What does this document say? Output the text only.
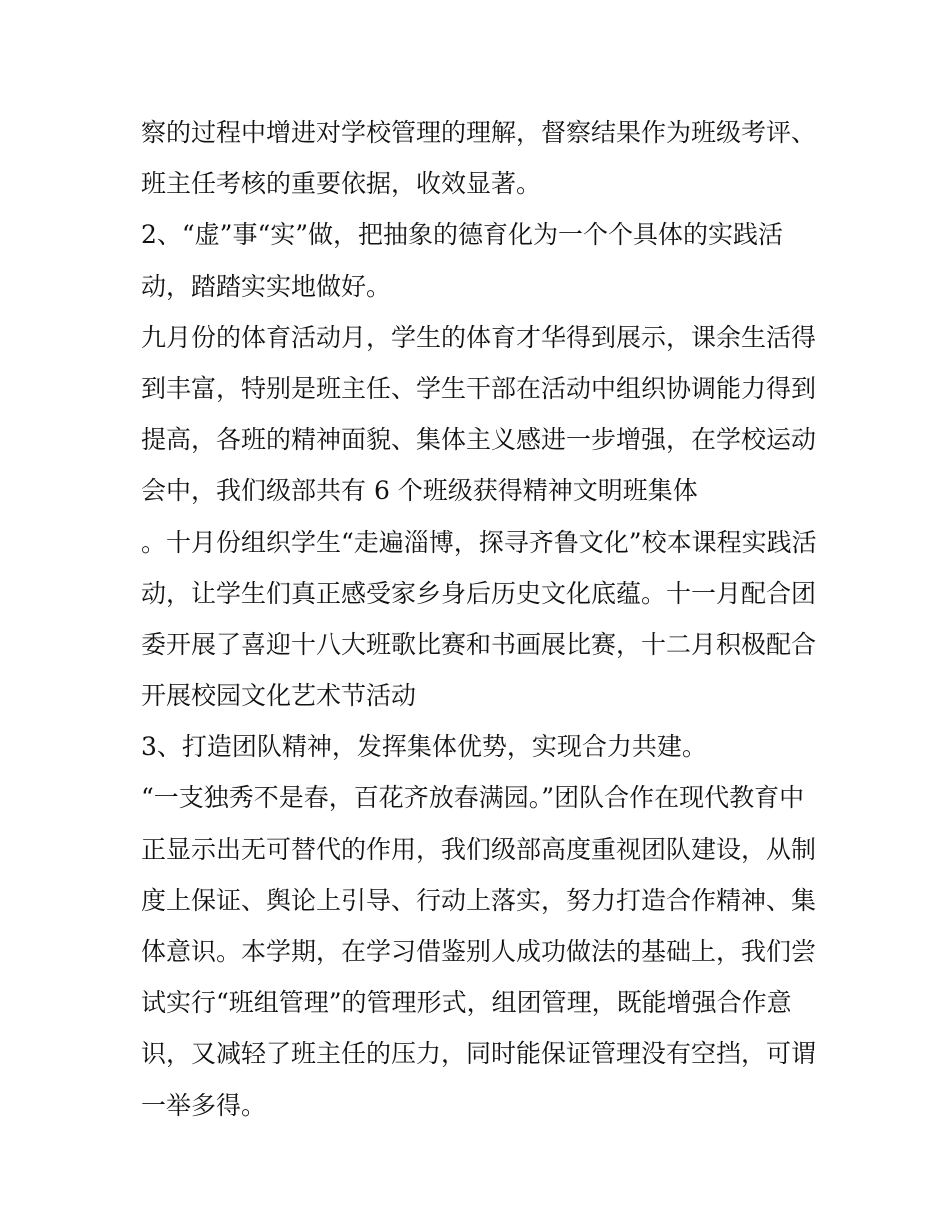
察的过程中增进对学校管理的理解，督察结果作为班级考评、

班主任考核的重要依据，收效显著。

2、“虚”事“实”做，把抽象的德育化为一个个具体的实践活

动，踏踏实实地做好。

九月份的体育活动月，学生的体育才华得到展示，课余生活得

到丰富，特别是班主任、学生干部在活动中组织协调能力得到

提高，各班的精神面貌、集体主义感进一步增强，在学校运动

会中，我们级部共有 6 个班级获得精神文明班集体

。十月份组织学生“走遍淄博，探寻齐鲁文化”校本课程实践活

动，让学生们真正感受家乡身后历史文化底蕴。十一月配合团

委开展了喜迎十八大班歌比赛和书画展比赛，十二月积极配合

开展校园文化艺术节活动

3、打造团队精神，发挥集体优势，实现合力共建。

“一支独秀不是春，百花齐放春满园。”团队合作在现代教育中

正显示出无可替代的作用，我们级部高度重视团队建设，从制

度上保证、舆论上引导、行动上落实，努力打造合作精神、集

体意识。本学期，在学习借鉴别人成功做法的基础上，我们尝

试实行“班组管理”的管理形式，组团管理，既能增强合作意

识，又减轻了班主任的压力，同时能保证管理没有空挡，可谓

一举多得。
